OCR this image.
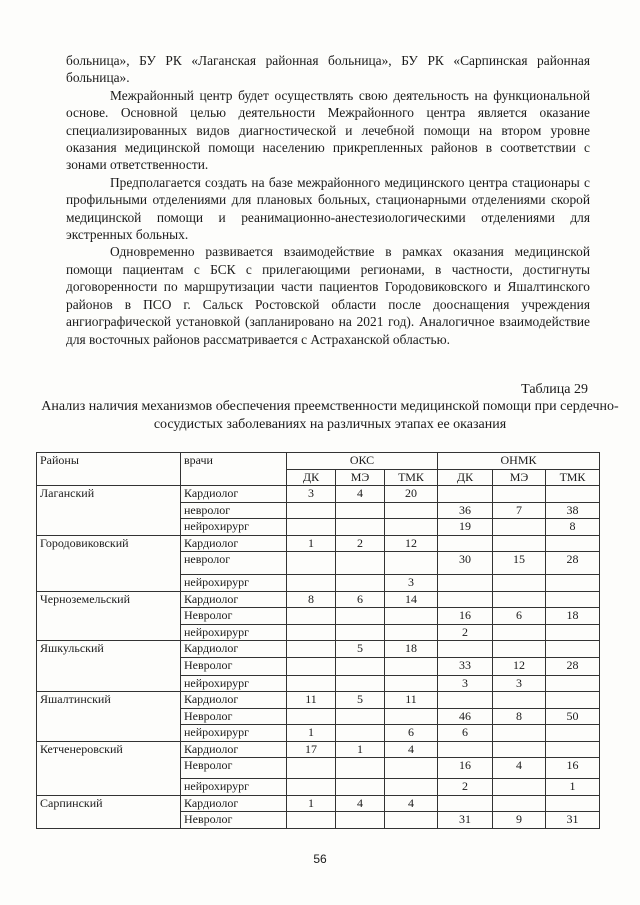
больница», БУ РК «Лаганская районная больница», БУ РК «Сарпинская районная больница».

Межрайонный центр будет осуществлять свою деятельность на функциональной основе. Основной целью деятельности Межрайонного центра является оказание специализированных видов диагностической и лечебной помощи на втором уровне оказания медицинской помощи населению прикрепленных районов в соответствии с зонами ответственности.

Предполагается создать на базе межрайонного медицинского центра стационары с профильными отделениями для плановых больных, стационарными отделениями скорой медицинской помощи и реанимационно-анестезиологическими отделениями для экстренных больных.

Одновременно развивается взаимодействие в рамках оказания медицинской помощи пациентам с БСК с прилегающими регионами, в частности, достигнуты договоренности по маршрутизации части пациентов Городовиковского и Яшалтинского районов в ПСО г. Сальск Ростовской области после дооснащения учреждения ангиографической установкой (запланировано на 2021 год). Аналогичное взаимодействие для восточных районов рассматривается с Астраханской областью.

Таблица 29
Анализ наличия механизмов обеспечения преемственности медицинской помощи при сердечно-сосудистых заболеваниях на различных этапах ее оказания
Районы	врачи	ОКС			ОНМК		
		ДК	МЭ	ТМК	ДК	МЭ	ТМК
Лаганский	Кардиолог	3	4	20			
	невролог				36	7	38
	нейрохирург				19		8
Городовиковский	Кардиолог	1	2	12			
	невролог				30	15	28
	нейрохирург			3			
Черноземельский	Кардиолог	8	6	14			
	Невролог				16	6	18
	нейрохирург				2		
Яшкульский	Кардиолог		5	18			
	Невролог				33	12	28
	нейрохирург				3	3	
Яшалтинский	Кардиолог	11	5	11			
	Невролог				46	8	50
	нейрохирург	1		6	6		
Кетченеровский	Кардиолог	17	1	4			
	Невролог				16	4	16
	нейрохирург				2		1
Сарпинский	Кардиолог	1	4	4			
	Невролог				31	9	31
56
